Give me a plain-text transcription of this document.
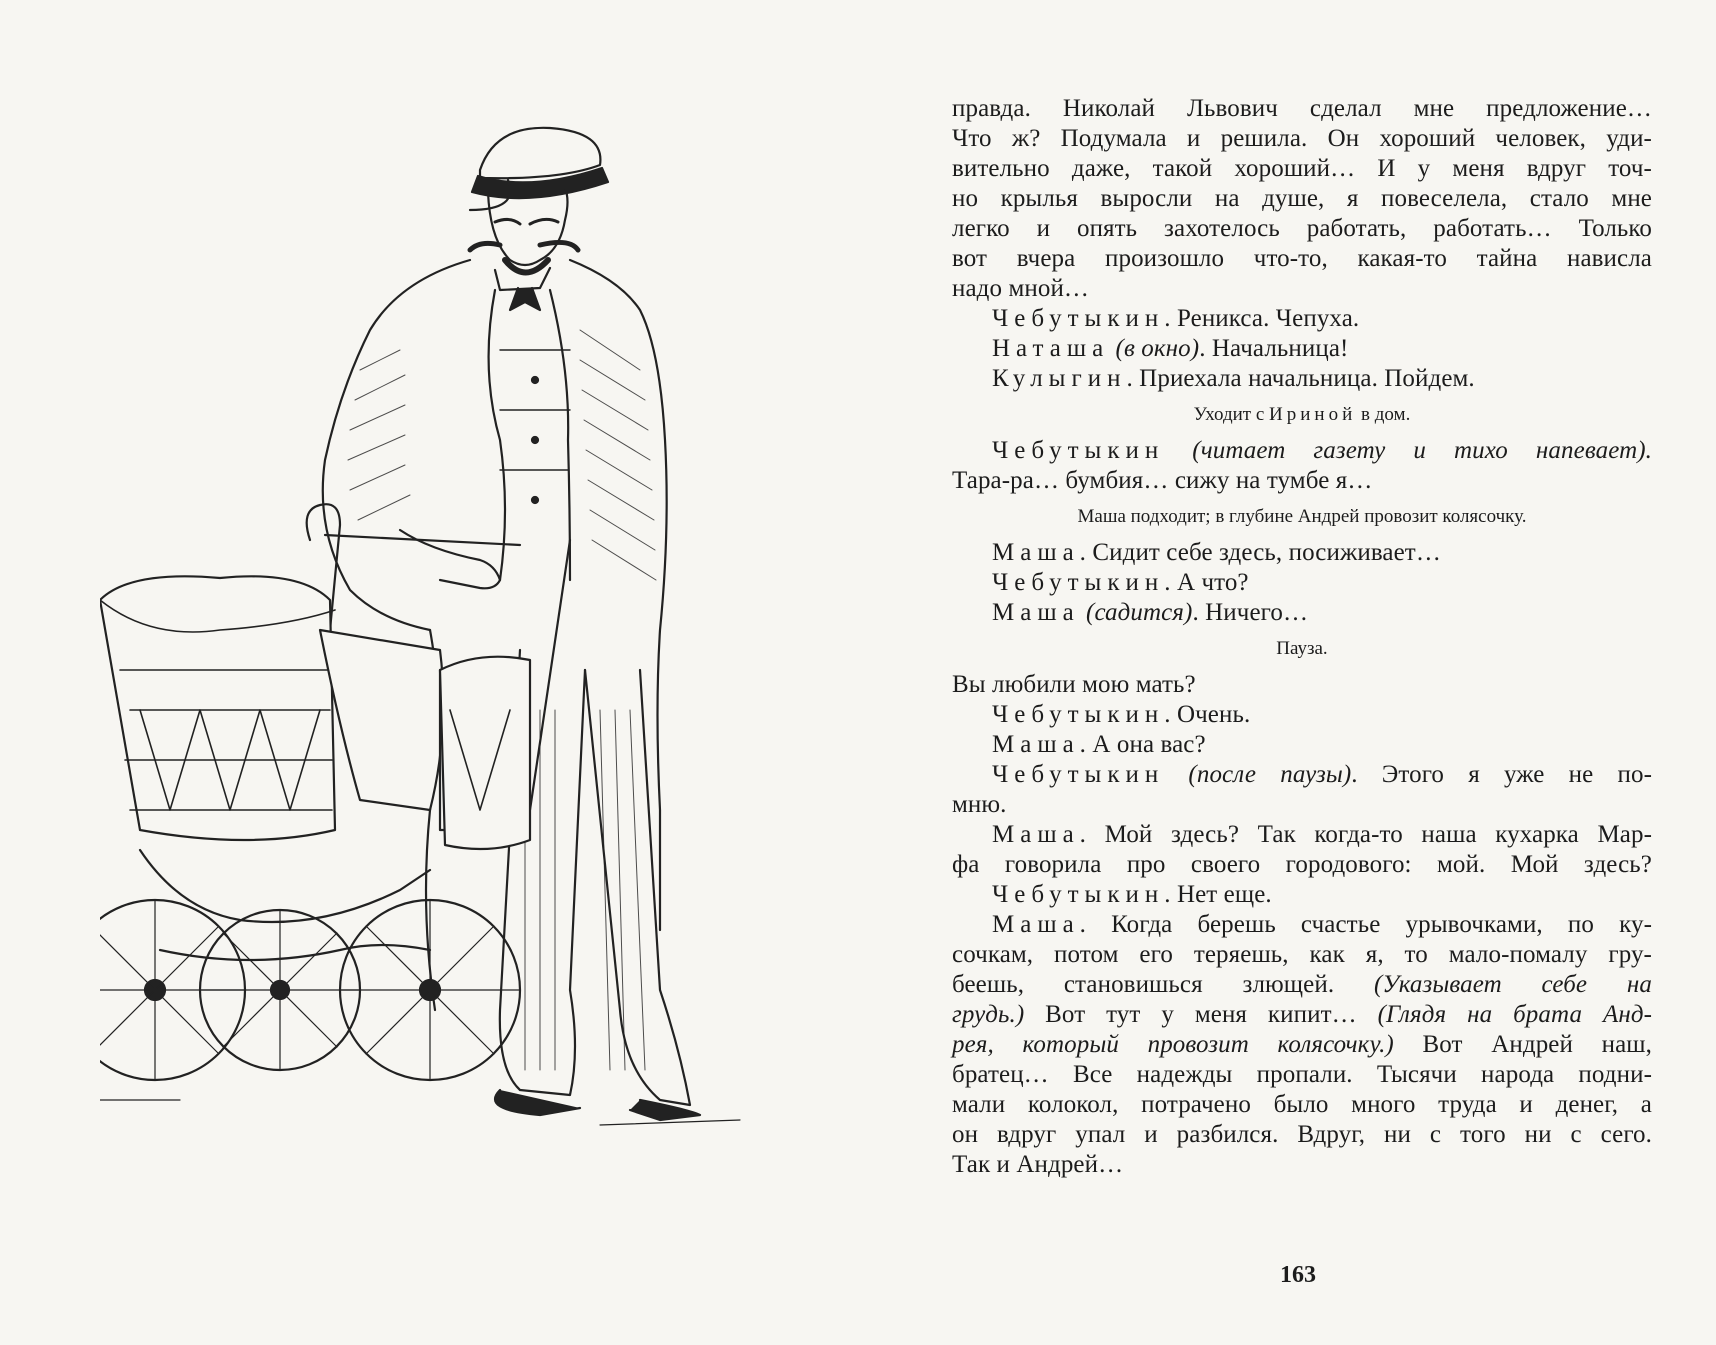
правда. Николай Львович сделал мне предложение…
Что ж? Подумала и решила. Он хороший человек, уди-
вительно даже, такой хороший… И у меня вдруг точ-
но крылья выросли на душе, я повеселела, стало мне
легко и опять захотелось работать, работать… Только
вот вчера произошло что-то, какая-то тайна нависла
надо мной…
Чебутыкин. Реникса. Чепуха.
Наташа (в окно). Начальница!
Кулыгин. Приехала начальница. Пойдем.
Уходит с Ириной в дом.
Чебутыкин (читает газету и тихо напевает).
Тара-ра… бумбия… сижу на тумбе я…
Маша подходит; в глубине Андрей провозит колясочку.
Маша. Сидит себе здесь, посиживает…
Чебутыкин. А что?
Маша (садится). Ничего…
Пауза.
Вы любили мою мать?
Чебутыкин. Очень.
Маша. А она вас?
Чебутыкин (после паузы). Этого я уже не по-
мню.
Маша. Мой здесь? Так когда-то наша кухарка Мар-
фа говорила про своего городового: мой. Мой здесь?
Чебутыкин. Нет еще.
Маша. Когда берешь счастье урывочками, по ку-
сочкам, потом его теряешь, как я, то мало-помалу гру-
беешь, становишься злющей. (Указывает себе на
грудь.) Вот тут у меня кипит… (Глядя на брата Анд-
рея, который провозит колясочку.) Вот Андрей наш,
братец… Все надежды пропали. Тысячи народа подни-
мали колокол, потрачено было много труда и денег, а
он вдруг упал и разбился. Вдруг, ни с того ни с сего.
Так и Андрей…
163
